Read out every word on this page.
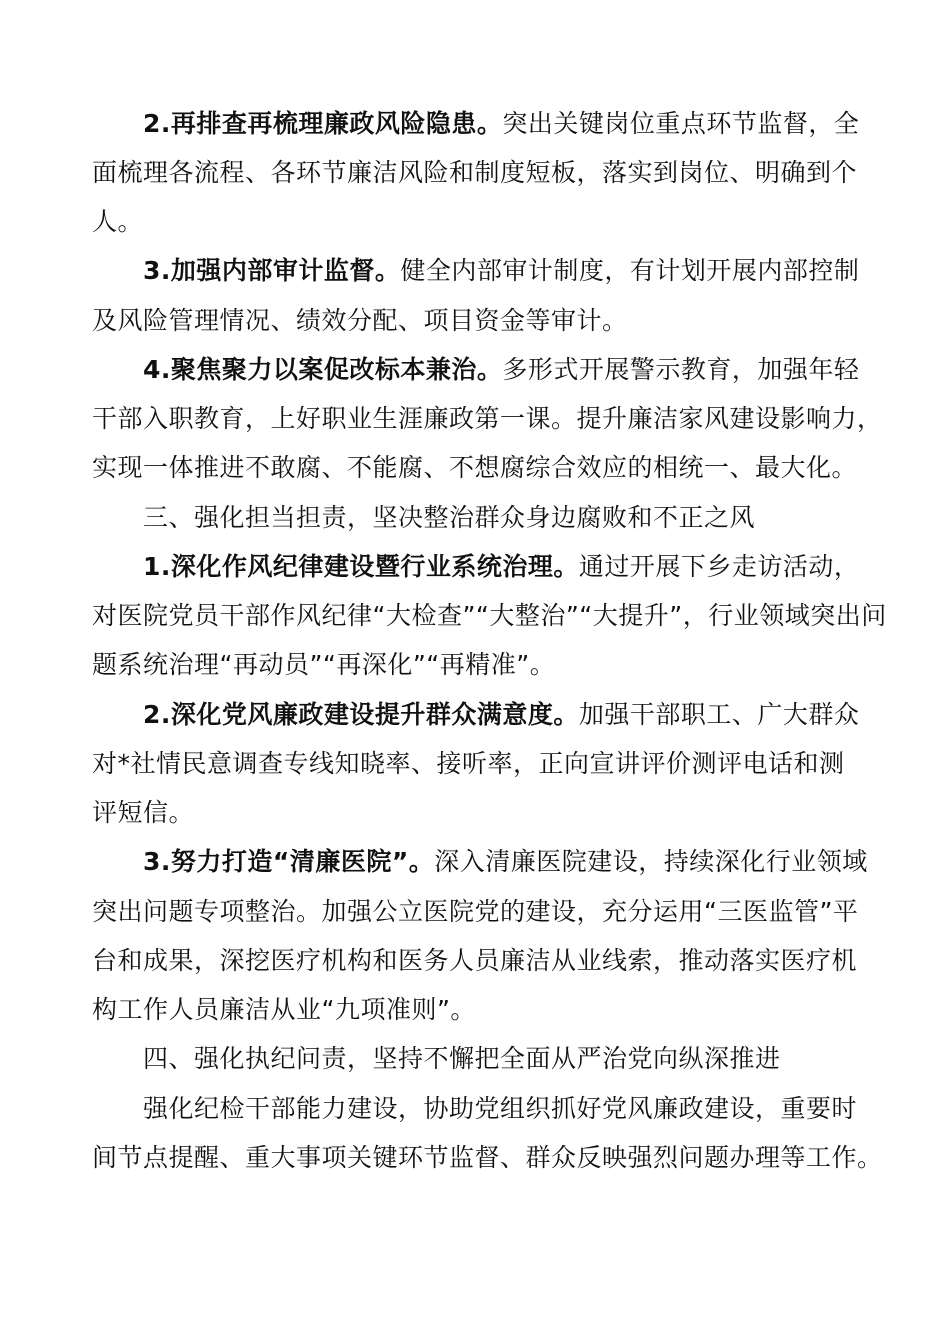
2.再排查再梳理廉政风险隐患。突出关键岗位重点环节监督，全
面梳理各流程、各环节廉洁风险和制度短板，落实到岗位、明确到个
人。
3.加强内部审计监督。健全内部审计制度，有计划开展内部控制
及风险管理情况、绩效分配、项目资金等审计。
4.聚焦聚力以案促改标本兼治。多形式开展警示教育，加强年轻
干部入职教育，上好职业生涯廉政第一课。提升廉洁家风建设影响力，
实现一体推进不敢腐、不能腐、不想腐综合效应的相统一、最大化。
三、强化担当担责，坚决整治群众身边腐败和不正之风
1.深化作风纪律建设暨行业系统治理。通过开展下乡走访活动，
对医院党员干部作风纪律“大检查”“大整治”“大提升”，行业领域突出问
题系统治理“再动员”“再深化”“再精准”。
2.深化党风廉政建设提升群众满意度。加强干部职工、广大群众
对*社情民意调查专线知晓率、接听率，正向宣讲评价测评电话和测
评短信。
3.努力打造“清廉医院”。深入清廉医院建设，持续深化行业领域
突出问题专项整治。加强公立医院党的建设，充分运用“三医监管”平
台和成果，深挖医疗机构和医务人员廉洁从业线索，推动落实医疗机
构工作人员廉洁从业“九项准则”。
四、强化执纪问责，坚持不懈把全面从严治党向纵深推进
强化纪检干部能力建设，协助党组织抓好党风廉政建设，重要时
间节点提醒、重大事项关键环节监督、群众反映强烈问题办理等工作。
